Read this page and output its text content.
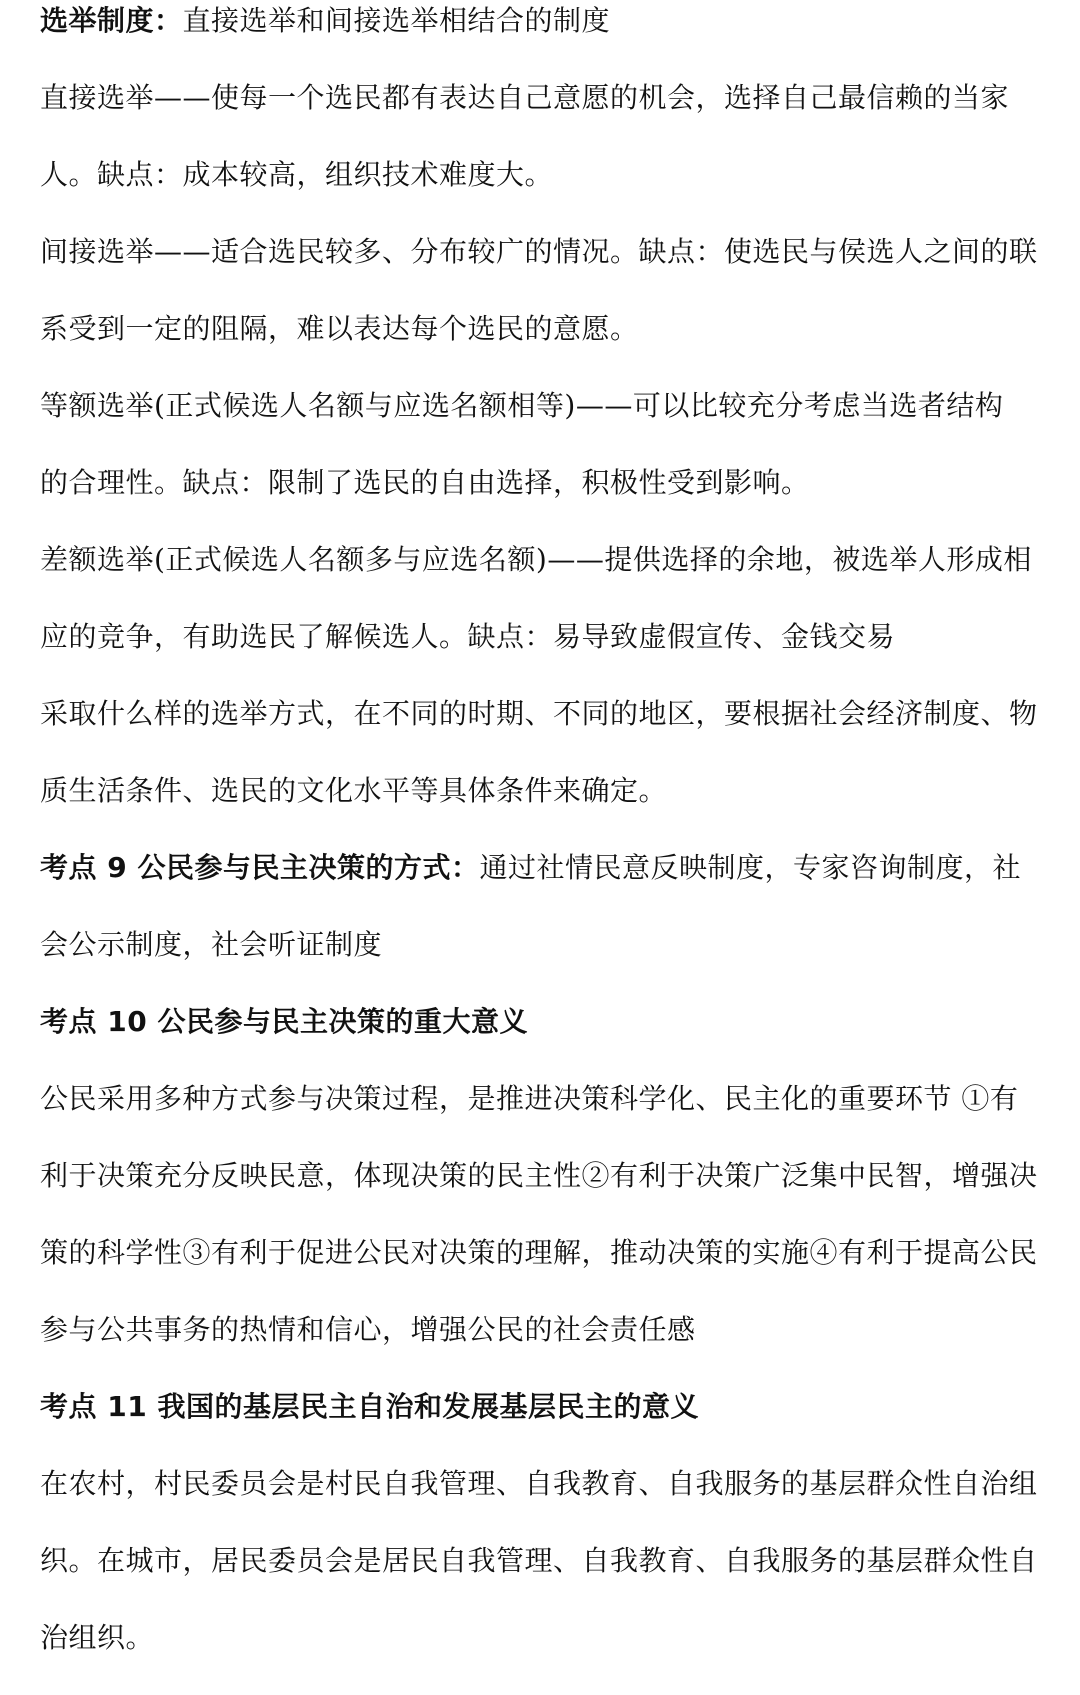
选举制度：直接选举和间接选举相结合的制度
直接选举——使每一个选民都有表达自己意愿的机会，选择自己最信赖的当家
人。缺点：成本较高，组织技术难度大。
间接选举——适合选民较多、分布较广的情况。缺点：使选民与侯选人之间的联
系受到一定的阻隔，难以表达每个选民的意愿。
等额选举(正式候选人名额与应选名额相等)——可以比较充分考虑当选者结构
的合理性。缺点：限制了选民的自由选择，积极性受到影响。
差额选举(正式候选人名额多与应选名额)——提供选择的余地，被选举人形成相
应的竞争，有助选民了解候选人。缺点：易导致虚假宣传、金钱交易
采取什么样的选举方式，在不同的时期、不同的地区，要根据社会经济制度、物
质生活条件、选民的文化水平等具体条件来确定。
考点 9 公民参与民主决策的方式：通过社情民意反映制度，专家咨询制度，社
会公示制度，社会听证制度
考点 10 公民参与民主决策的重大意义
公民采用多种方式参与决策过程，是推进决策科学化、民主化的重要环节 ①有
利于决策充分反映民意，体现决策的民主性②有利于决策广泛集中民智，增强决
策的科学性③有利于促进公民对决策的理解，推动决策的实施④有利于提高公民
参与公共事务的热情和信心，增强公民的社会责任感
考点 11 我国的基层民主自治和发展基层民主的意义
在农村，村民委员会是村民自我管理、自我教育、自我服务的基层群众性自治组
织。在城市，居民委员会是居民自我管理、自我教育、自我服务的基层群众性自
治组织。
